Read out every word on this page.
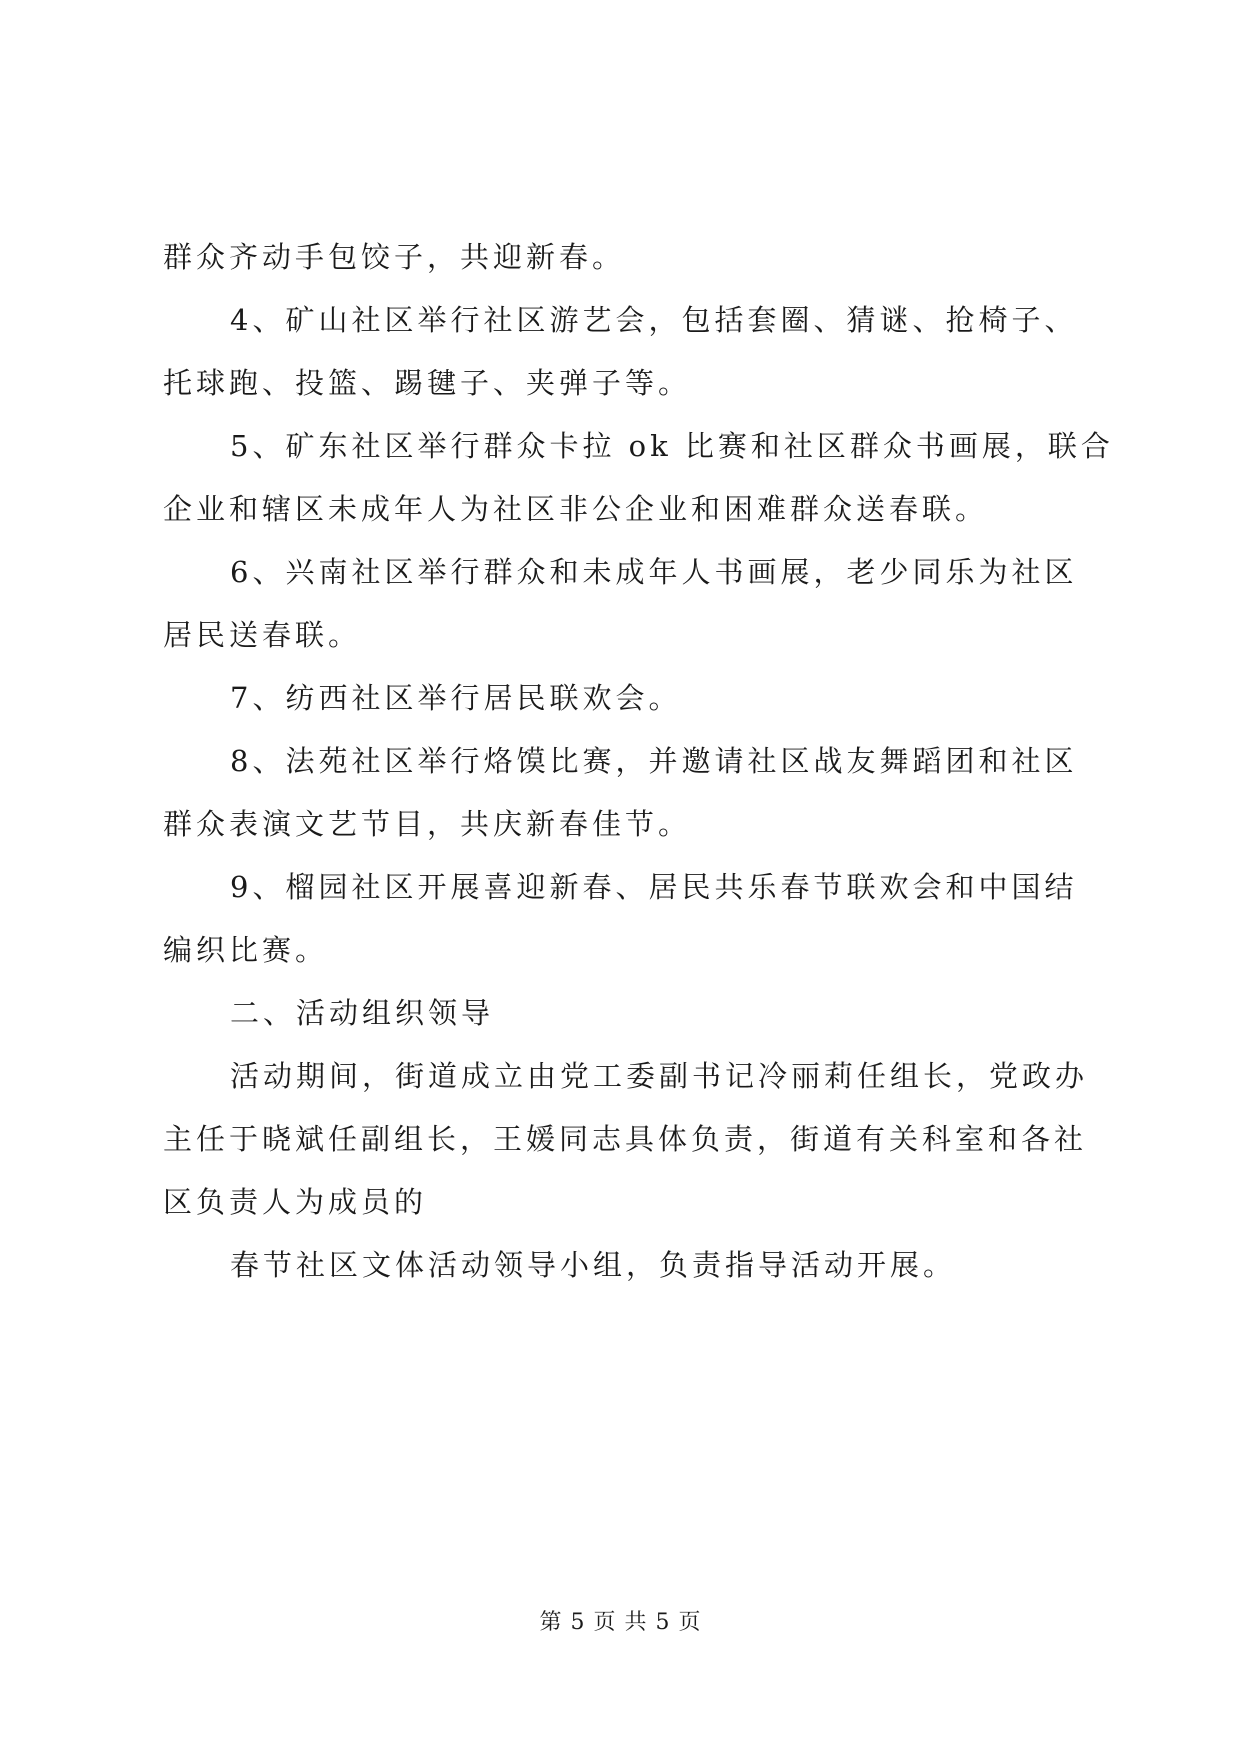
群众齐动手包饺子，共迎新春。

4、矿山社区举行社区游艺会，包括套圈、猜谜、抢椅子、

托球跑、投篮、踢毽子、夹弹子等。

5、矿东社区举行群众卡拉 ok 比赛和社区群众书画展，联合

企业和辖区未成年人为社区非公企业和困难群众送春联。

6、兴南社区举行群众和未成年人书画展，老少同乐为社区

居民送春联。

7、纺西社区举行居民联欢会。

8、法苑社区举行烙馍比赛，并邀请社区战友舞蹈团和社区

群众表演文艺节目，共庆新春佳节。

9、榴园社区开展喜迎新春、居民共乐春节联欢会和中国结

编织比赛。

二、活动组织领导

活动期间，街道成立由党工委副书记冷丽莉任组长，党政办

主任于晓斌任副组长，王媛同志具体负责，街道有关科室和各社

区负责人为成员的

春节社区文体活动领导小组，负责指导活动开展。

第 5 页 共 5 页
